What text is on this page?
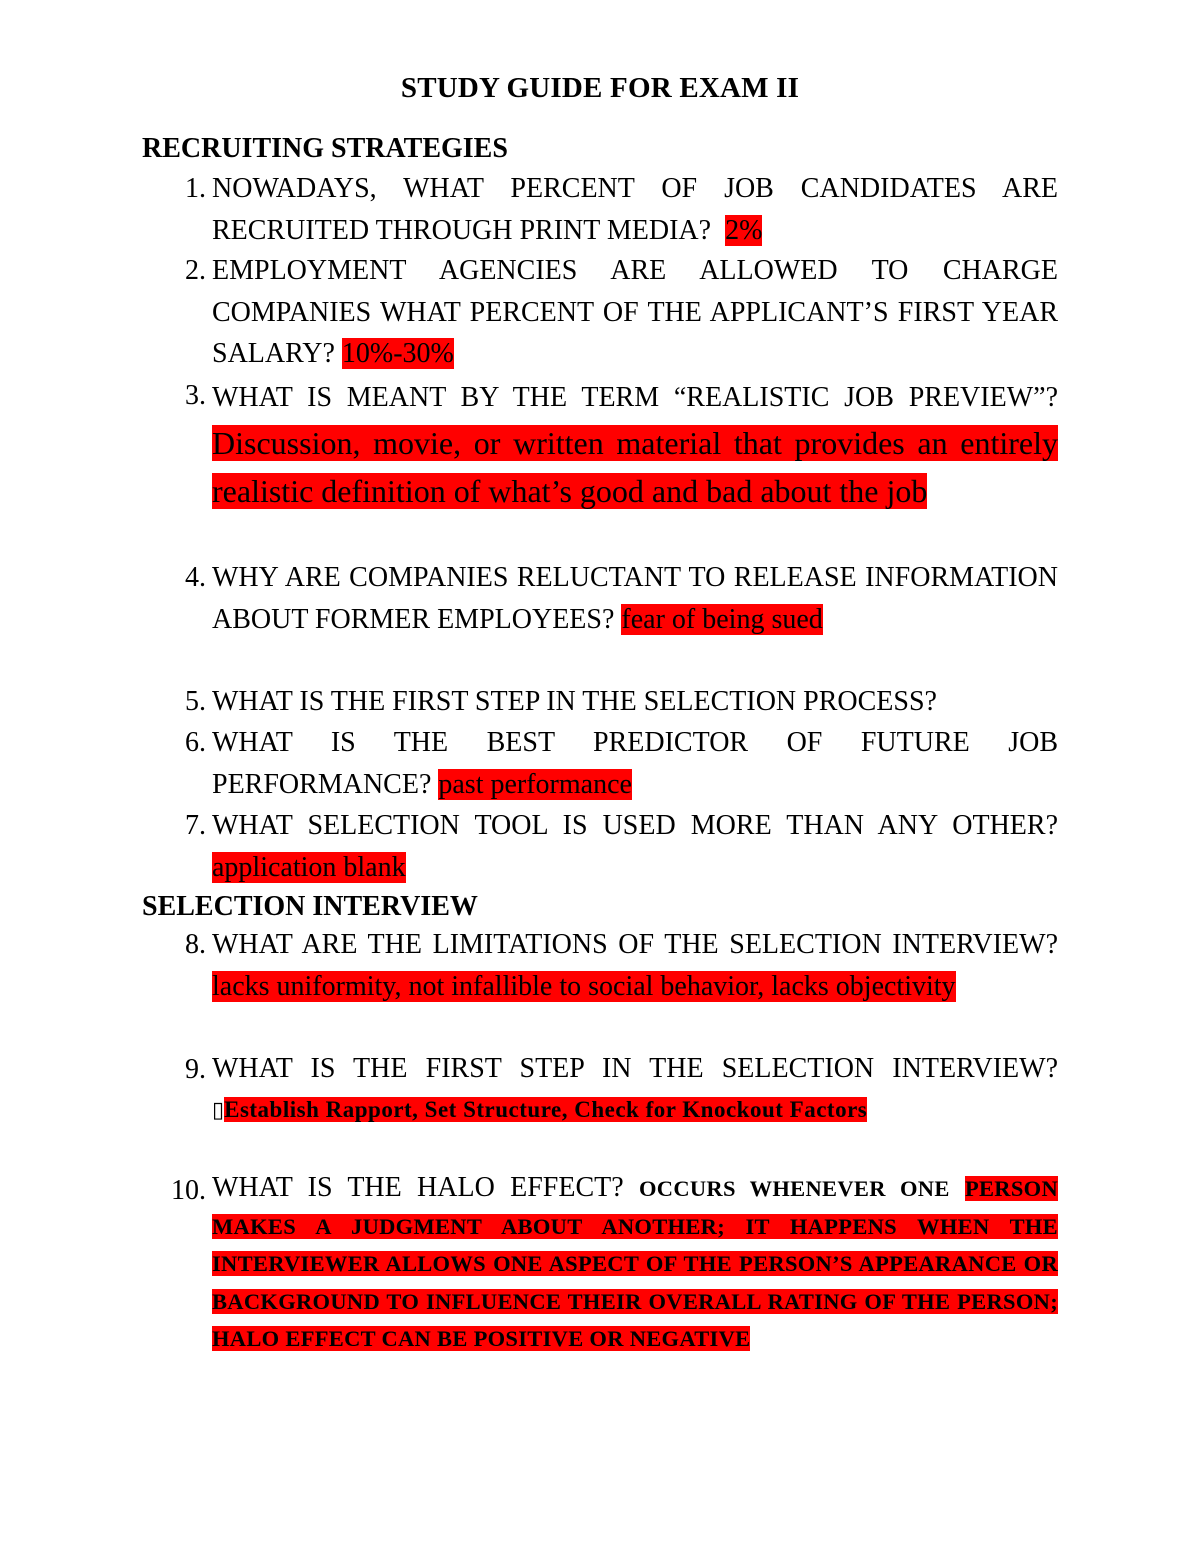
STUDY GUIDE FOR EXAM II
RECRUITING STRATEGIES
1. NOWADAYS, WHAT PERCENT OF JOB CANDIDATES ARE RECRUITED THROUGH PRINT MEDIA? 2%
2. EMPLOYMENT AGENCIES ARE ALLOWED TO CHARGE COMPANIES WHAT PERCENT OF THE APPLICANT’S FIRST YEAR SALARY? 10%-30%
3. WHAT IS MEANT BY THE TERM “REALISTIC JOB PREVIEW”? Discussion, movie, or written material that provides an entirely realistic definition of what’s good and bad about the job
4. WHY ARE COMPANIES RELUCTANT TO RELEASE INFORMATION ABOUT FORMER EMPLOYEES? fear of being sued
5. WHAT IS THE FIRST STEP IN THE SELECTION PROCESS?
6. WHAT IS THE BEST PREDICTOR OF FUTURE JOB PERFORMANCE? past performance
7. WHAT SELECTION TOOL IS USED MORE THAN ANY OTHER? application blank
SELECTION INTERVIEW
8. WHAT ARE THE LIMITATIONS OF THE SELECTION INTERVIEW? lacks uniformity, not infallible to social behavior, lacks objectivity
9. WHAT IS THE FIRST STEP IN THE SELECTION INTERVIEW? ▯Establish Rapport, Set Structure, Check for Knockout Factors
10. WHAT IS THE HALO EFFECT? OCCURS WHENEVER ONE PERSON MAKES A JUDGMENT ABOUT ANOTHER; IT HAPPENS WHEN THE INTERVIEWER ALLOWS ONE ASPECT OF THE PERSON’S APPEARANCE OR BACKGROUND TO INFLUENCE THEIR OVERALL RATING OF THE PERSON; HALO EFFECT CAN BE POSITIVE OR NEGATIVE
